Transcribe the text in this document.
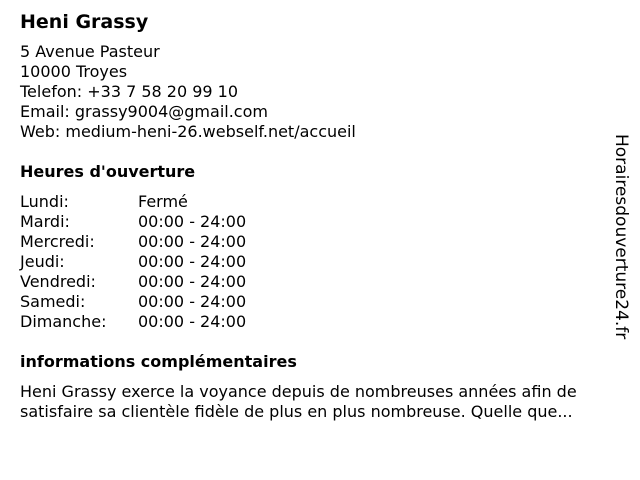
Heni Grassy
5 Avenue Pasteur
10000 Troyes
Telefon: +33 7 58 20 99 10
Email: grassy9004@gmail.com
Web: medium-heni-26.webself.net/accueil
Heures d'ouverture
Lundi:	Fermé
Mardi:	00:00 - 24:00
Mercredi:	00:00 - 24:00
Jeudi:	00:00 - 24:00
Vendredi:	00:00 - 24:00
Samedi:	00:00 - 24:00
Dimanche:	00:00 - 24:00
informations complémentaires
Heni Grassy exerce la voyance depuis de nombreuses années afin de satisfaire sa clientèle fidèle de plus en plus nombreuse. Quelle que...
Horairesdouverture24.fr
